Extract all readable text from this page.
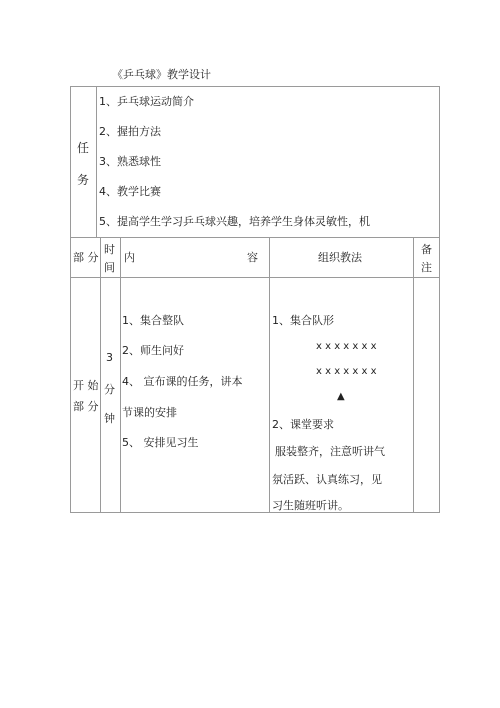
《乒乓球》教学设计
任
务
1、乒乓球运动简介
2、握拍方法
3、熟悉球性
4、教学比赛
5、提高学生学习乒乓球兴趣，培养学生身体灵敏性，机
部 分
时
间
内	容	组织教法
备
注
开 始
部 分
3
分
钟
1、集合整队
2、师生问好
4、 宣布课的任务，讲本
节课的安排
5、 安排见习生
1、集合队形
x x x x x x x
x x x x x x x
▲
2、课堂要求
服装整齐，注意听讲气
氛活跃、认真练习，见
习生随班听讲。
